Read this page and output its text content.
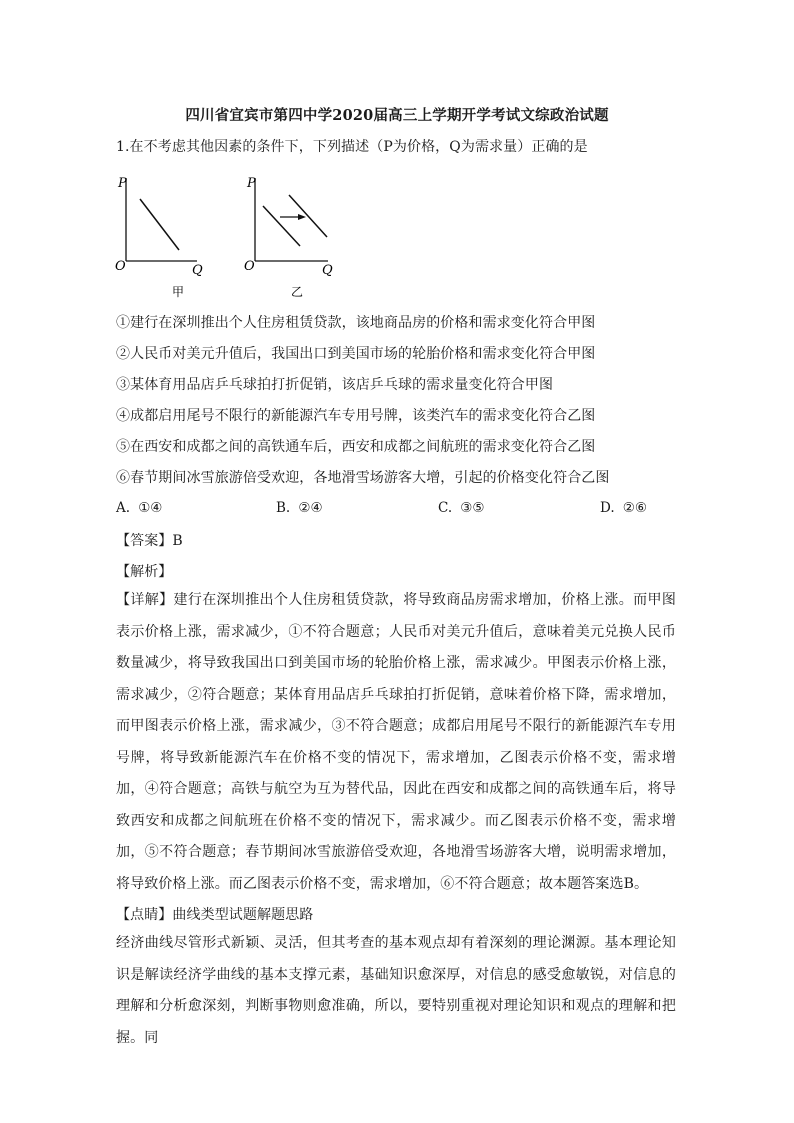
四川省宜宾市第四中学2020届高三上学期开学考试文综政治试题
1.在不考虑其他因素的条件下，下列描述（P为价格，Q为需求量）正确的是
P
O	Q
甲
P
O	Q
乙
①建行在深圳推出个人住房租赁贷款，该地商品房的价格和需求变化符合甲图
②人民币对美元升值后，我国出口到美国市场的轮胎价格和需求变化符合甲图
③某体育用品店乒乓球拍打折促销，该店乒乓球的需求量变化符合甲图
④成都启用尾号不限行的新能源汽车专用号牌，该类汽车的需求变化符合乙图
⑤在西安和成都之间的高铁通车后，西安和成都之间航班的需求变化符合乙图
⑥春节期间冰雪旅游倍受欢迎，各地滑雪场游客大增，引起的价格变化符合乙图
A. ①④	B. ②④	C. ③⑤	D. ②⑥
【答案】B
【解析】
【详解】建行在深圳推出个人住房租赁贷款，将导致商品房需求增加，价格上涨。而甲图表示价格上涨，需求减少，①不符合题意；人民币对美元升值后，意味着美元兑换人民币数量减少，将导致我国出口到美国市场的轮胎价格上涨，需求减少。甲图表示价格上涨，需求减少，②符合题意；某体育用品店乒乓球拍打折促销，意味着价格下降，需求增加，而甲图表示价格上涨，需求减少，③不符合题意；成都启用尾号不限行的新能源汽车专用号牌，将导致新能源汽车在价格不变的情况下，需求增加，乙图表示价格不变，需求增加，④符合题意；高铁与航空为互为替代品，因此在西安和成都之间的高铁通车后，将导致西安和成都之间航班在价格不变的情况下，需求减少。而乙图表示价格不变，需求增加，⑤不符合题意；春节期间冰雪旅游倍受欢迎，各地滑雪场游客大增，说明需求增加，将导致价格上涨。而乙图表示价格不变，需求增加，⑥不符合题意；故本题答案选B。
【点睛】曲线类型试题解题思路
经济曲线尽管形式新颖、灵活，但其考查的基本观点却有着深刻的理论渊源。基本理论知识是解读经济学曲线的基本支撑元素，基础知识愈深厚，对信息的感受愈敏锐，对信息的理解和分析愈深刻，判断事物则愈准确，所以，要特别重视对理论知识和观点的理解和把握。同
